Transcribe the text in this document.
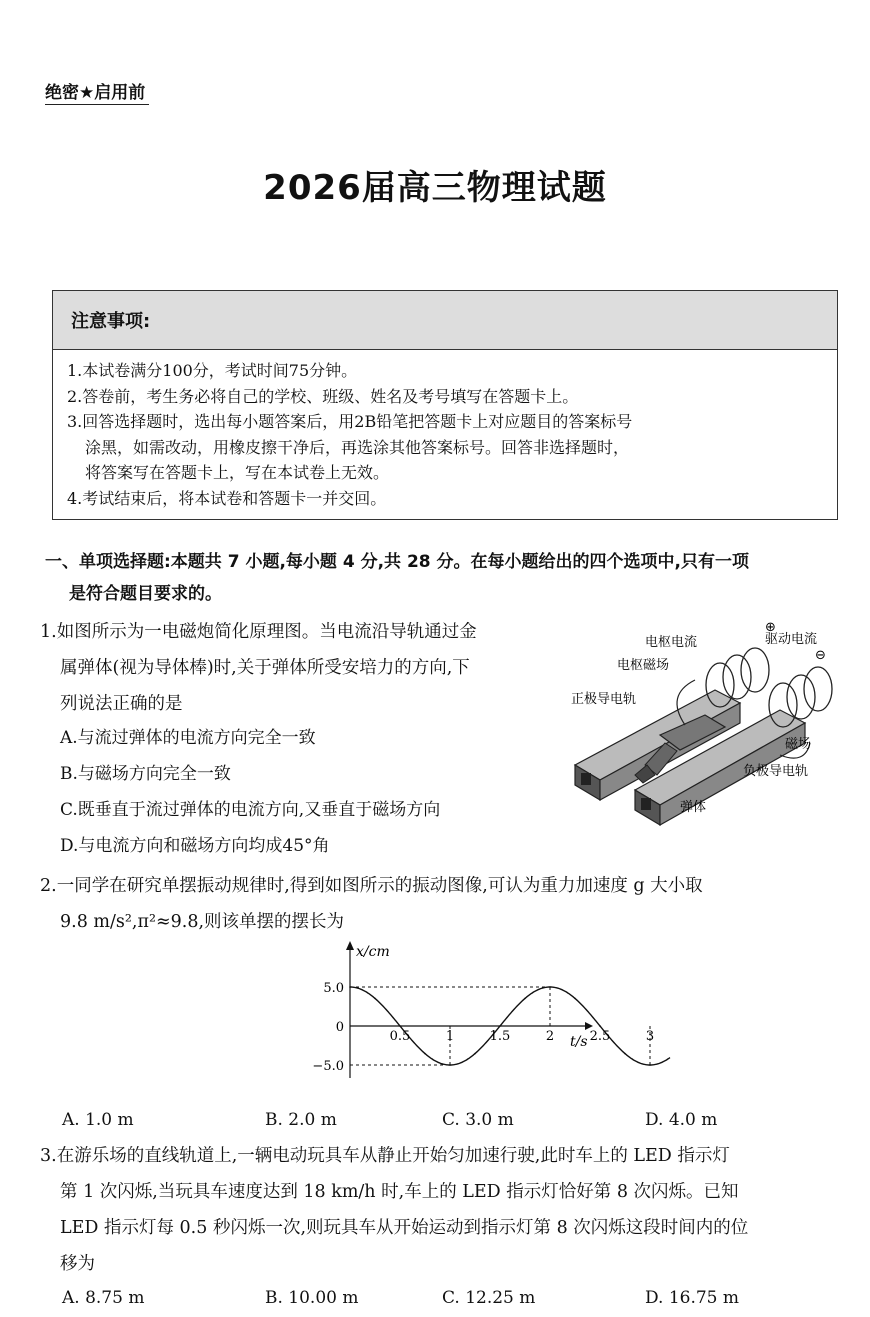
绝密★启用前
2026届高三物理试题
注意事项:
1.本试卷满分100分，考试时间75分钟。
2.答卷前，考生务必将自己的学校、班级、姓名及考号填写在答题卡上。
3.回答选择题时，选出每小题答案后，用2B铅笔把答题卡上对应题目的答案标号
涂黑，如需改动，用橡皮擦干净后，再选涂其他答案标号。回答非选择题时，
将答案写在答题卡上，写在本试卷上无效。
4.考试结束后，将本试卷和答题卡一并交回。
一、单项选择题:本题共 7 小题,每小题 4 分,共 28 分。在每小题给出的四个选项中,只有一项
是符合题目要求的。
1.如图所示为一电磁炮简化原理图。当电流沿导轨通过金
属弹体(视为导体棒)时,关于弹体所受安培力的方向,下
列说法正确的是
A.与流过弹体的电流方向完全一致
B.与磁场方向完全一致
C.既垂直于流过弹体的电流方向,又垂直于磁场方向
D.与电流方向和磁场方向均成45°角
电枢电流
电枢磁场
驱动电流
正极导电轨
磁场
负极导电轨
弹体
⊕
⊖
2.一同学在研究单摆振动规律时,得到如图所示的振动图像,可认为重力加速度 g 大小取
9.8 m/s²,π²≈9.8,则该单摆的摆长为
0.5	1	1.5	2	2.5	3
5.0
0
−5.0
x/cm
t/s
A. 1.0 m	B. 2.0 m	C. 3.0 m	D. 4.0 m
3.在游乐场的直线轨道上,一辆电动玩具车从静止开始匀加速行驶,此时车上的 LED 指示灯
第 1 次闪烁,当玩具车速度达到 18 km/h 时,车上的 LED 指示灯恰好第 8 次闪烁。已知
LED 指示灯每 0.5 秒闪烁一次,则玩具车从开始运动到指示灯第 8 次闪烁这段时间内的位
移为
A. 8.75 m	B. 10.00 m	C. 12.25 m	D. 16.75 m
